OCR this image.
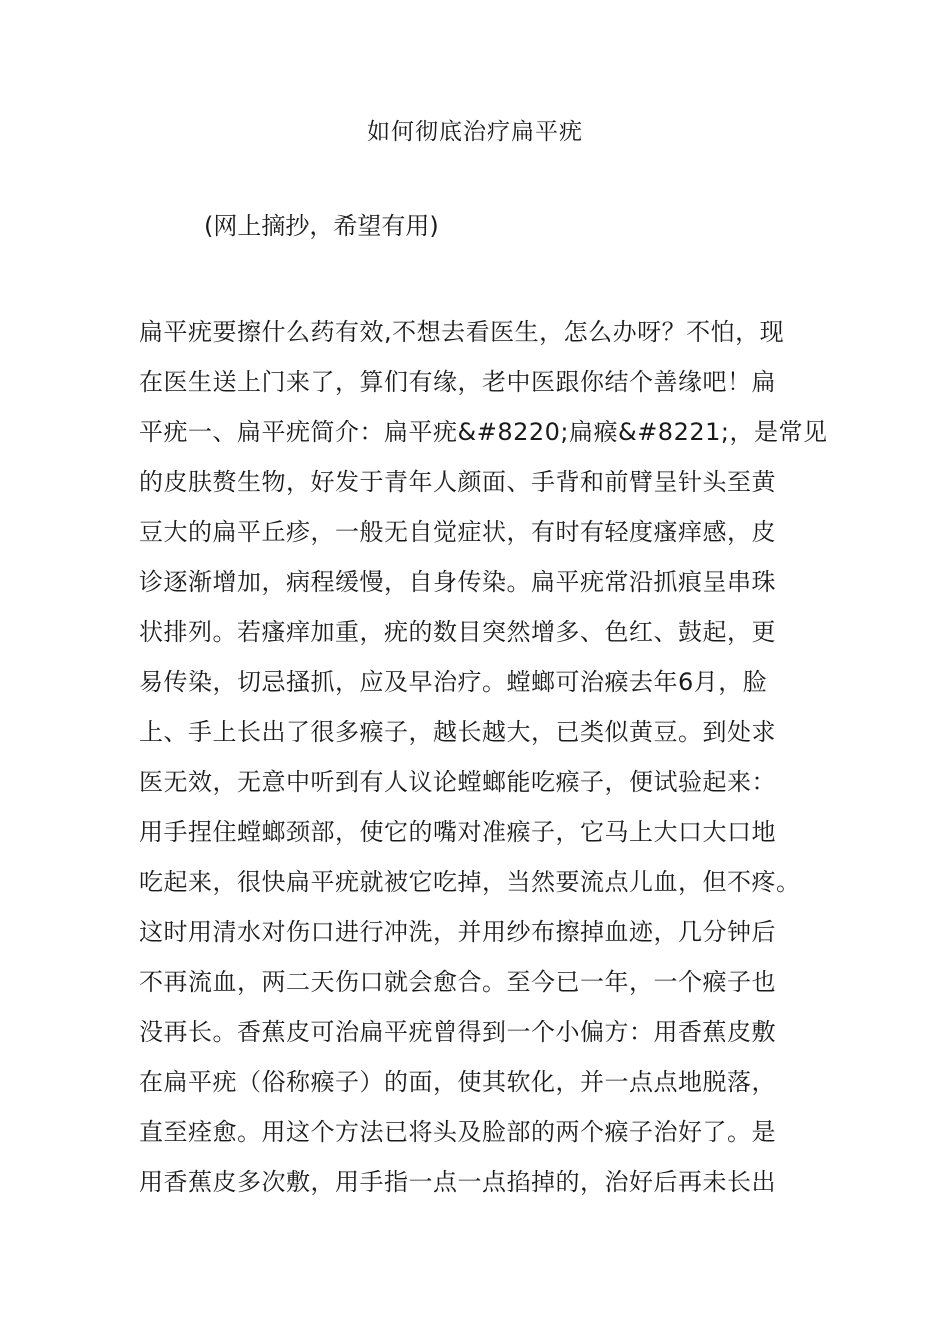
如何彻底治疗扁平疣
(网上摘抄，希望有用)
扁平疣要擦什么药有效,不想去看医生，怎么办呀？不怕，现
在医生送上门来了，算们有缘，老中医跟你结个善缘吧！扁
平疣一、扁平疣简介：扁平疣&#8220;扁瘊&#8221;，是常见
的皮肤赘生物，好发于青年人颜面、手背和前臂呈针头至黄
豆大的扁平丘疹，一般无自觉症状，有时有轻度瘙痒感，皮
诊逐渐增加，病程缓慢，自身传染。扁平疣常沿抓痕呈串珠
状排列。若瘙痒加重，疣的数目突然增多、色红、鼓起，更
易传染，切忌搔抓，应及早治疗。螳螂可治瘊去年6月，脸
上、手上长出了很多瘊子，越长越大，已类似黄豆。到处求
医无效，无意中听到有人议论螳螂能吃瘊子，便试验起来：
用手捏住螳螂颈部，使它的嘴对准瘊子，它马上大口大口地
吃起来，很快扁平疣就被它吃掉，当然要流点儿血，但不疼。
这时用清水对伤口进行冲洗，并用纱布擦掉血迹，几分钟后
不再流血，两二天伤口就会愈合。至今已一年，一个瘊子也
没再长。香蕉皮可治扁平疣曾得到一个小偏方：用香蕉皮敷
在扁平疣（俗称瘊子）的面，使其软化，并一点点地脱落，
直至痊愈。用这个方法已将头及脸部的两个瘊子治好了。是
用香蕉皮多次敷，用手指一点一点掐掉的，治好后再未长出
